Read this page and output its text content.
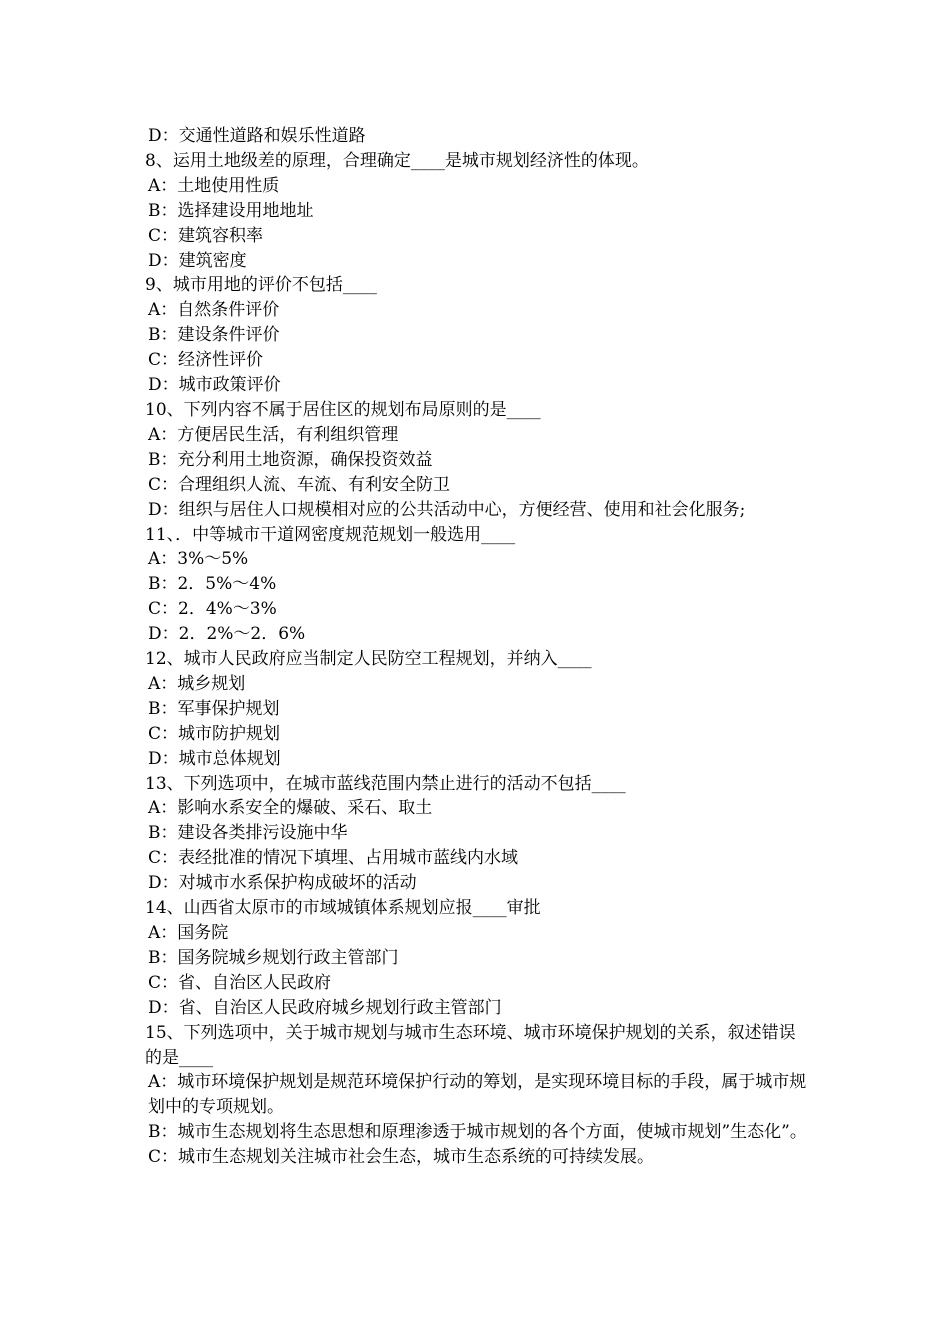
D：交通性道路和娱乐性道路

8、运用土地级差的原理，合理确定____是城市规划经济性的体现。

A：土地使用性质

B：选择建设用地地址

C：建筑容积率

D：建筑密度

9、城市用地的评价不包括____

A：自然条件评价

B：建设条件评价

C：经济性评价

D：城市政策评价

10、下列内容不属于居住区的规划布局原则的是____

A：方便居民生活，有利组织管理

B：充分利用土地资源，确保投资效益

C：合理组织人流、车流、有利安全防卫

D：组织与居住人口规模相对应的公共活动中心，方便经营、使用和社会化服务;

11、．中等城市干道网密度规范规划一般选用____

A：3%～5%

B：2．5%～4%

C：2．4%～3%

D：2．2%～2．6%

12、城市人民政府应当制定人民防空工程规划，并纳入____

A：城乡规划

B：军事保护规划

C：城市防护规划

D：城市总体规划

13、下列选项中，在城市蓝线范围内禁止进行的活动不包括____

A：影响水系安全的爆破、采石、取土

B：建设各类排污设施中华

C：表经批准的情况下填埋、占用城市蓝线内水域

D：对城市水系保护构成破坏的活动

14、山西省太原市的市域城镇体系规划应报____审批

A：国务院

B：国务院城乡规划行政主管部门

C：省、自治区人民政府

D：省、自治区人民政府城乡规划行政主管部门

15、下列选项中，关于城市规划与城市生态环境、城市环境保护规划的关系，叙述错误的是____

A：城市环境保护规划是规范环境保护行动的筹划，是实现环境目标的手段，属于城市规划中的专项规划。

B：城市生态规划将生态思想和原理渗透于城市规划的各个方面，使城市规划”生态化”。

C：城市生态规划关注城市社会生态，城市生态系统的可持续发展。
